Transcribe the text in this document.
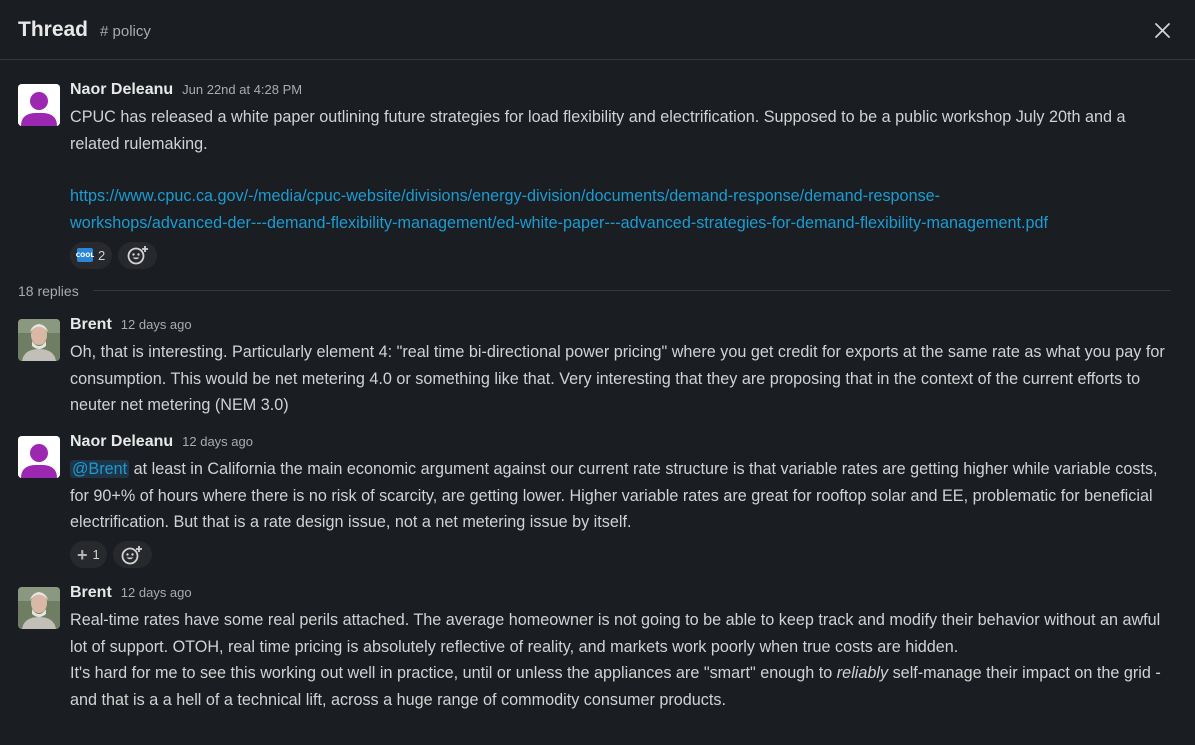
Thread # policy
Naor Deleanu Jun 22nd at 4:28 PM

CPUC has released a white paper outlining future strategies for load flexibility and electrification. Supposed to be a public workshop July 20th and a related rulemaking.

https://www.cpuc.ca.gov/-/media/cpuc-website/divisions/energy-division/documents/demand-response/demand-response-
workshops/advanced-der---demand-flexibility-management/ed-white-paper---advanced-strategies-for-demand-flexibility-management.pdf

COOL 2
18 replies
Brent 12 days ago

Oh, that is interesting. Particularly element 4: "real time bi-directional power pricing" where you get credit for exports at the same rate as what you pay for consumption. This would be net metering 4.0 or something like that. Very interesting that they are proposing that in the context of the current efforts to neuter net metering (NEM 3.0)

Naor Deleanu 12 days ago

@Brent at least in California the main economic argument against our current rate structure is that variable rates are getting higher while variable costs, for 90+% of hours where there is no risk of scarcity, are getting lower. Higher variable rates are great for rooftop solar and EE, problematic for beneficial electrification. But that is a rate design issue, not a net metering issue by itself.

+ 1
Brent 12 days ago

Real-time rates have some real perils attached. The average homeowner is not going to be able to keep track and modify their behavior without an awful lot of support. OTOH, real time pricing is absolutely reflective of reality, and markets work poorly when true costs are hidden.

It's hard for me to see this working out well in practice, until or unless the appliances are "smart" enough to reliably self-manage their impact on the grid - and that is a a hell of a technical lift, across a huge range of commodity consumer products.
